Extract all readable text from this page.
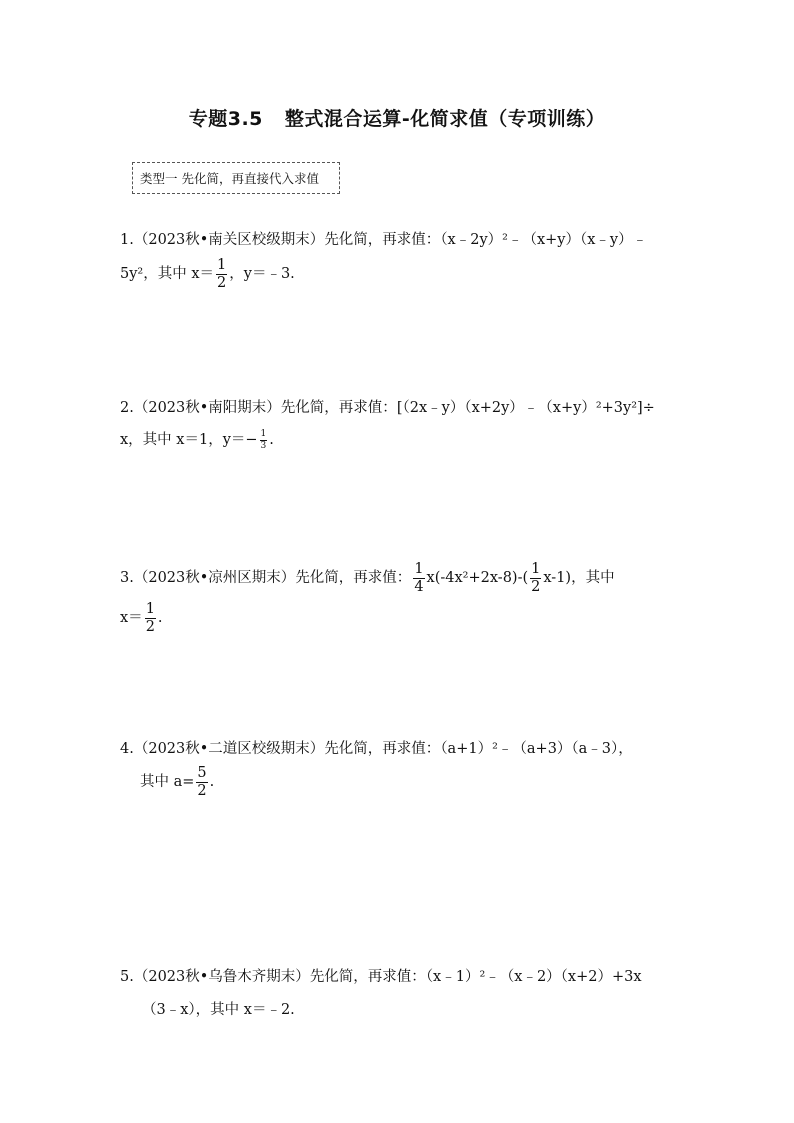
专题3.5 整式混合运算-化简求值（专项训练）
类型一 先化简，再直接代入求值
1.（2023秋•南关区校级期末）先化简，再求值：（x﹣2y）²﹣（x+y）（x﹣y）﹣
5y²，其中 $x= \frac{1}{2}$ ，y＝﹣3.
2.（2023秋•南阳期末）先化简，再求值：[（2x﹣y）（x+2y）﹣（x+y）²+3y²]÷
x，其中 x＝1，$y=- \frac{1}{3}$ .
3.（2023秋•凉州区期末）先化简，再求值： $\frac{1}{4} x(-4x^2+2x-8)-( \frac{1}{2} x-1)$，其中
$x= \frac{1}{2}$ .
4.（2023秋•二道区校级期末）先化简，再求值：（a+1）²﹣（a+3）（a﹣3），
其中 $a= \frac{5}{2}$ .
5.（2023秋•乌鲁木齐期末）先化简，再求值：（x﹣1）²﹣（x﹣2）（x+2）+3x
（3﹣x），其中 x＝﹣2.
